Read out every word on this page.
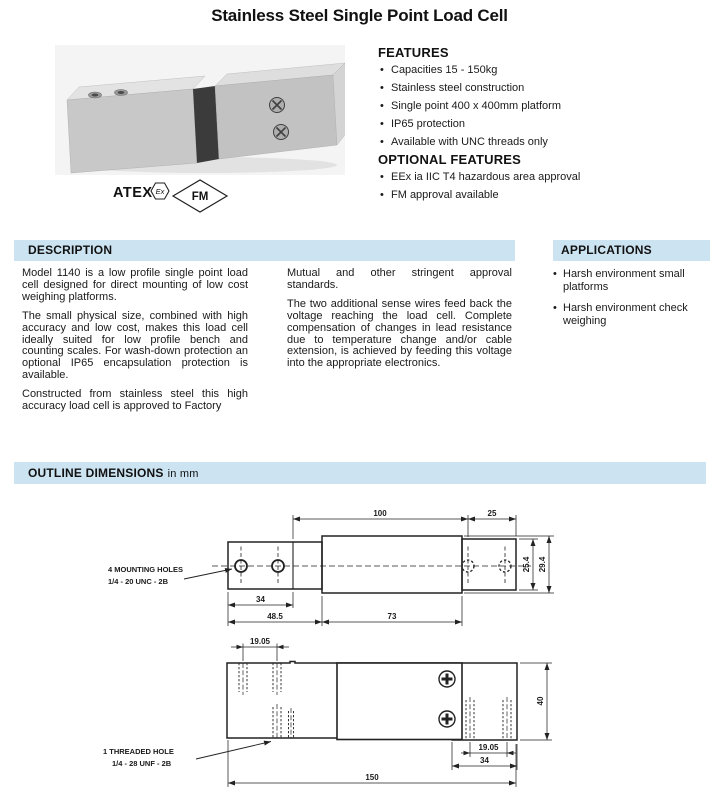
Stainless Steel Single Point Load Cell
ATEX Ex FM
FEATURES
• Capacities 15 - 150kg
• Stainless steel construction
• Single point 400 x 400mm platform
• IP65 protection
• Available with UNC threads only
OPTIONAL FEATURES
• EEx ia IIC T4 hazardous area approval
• FM approval available
DESCRIPTION	APPLICATIONS

Model 1140 is a low profile single point load cell designed for direct mounting of low cost weighing platforms.

The small physical size, combined with high accuracy and low cost, makes this load cell ideally suited for low profile bench and counting scales. For wash-down protection an optional IP65 encapsulation protection is available.

Constructed from stainless steel this high accuracy load cell is approved to Factory

Mutual and other stringent approval standards.

The two additional sense wires feed back the voltage reaching the load cell. Complete compensation of changes in lead resistance due to temperature change and/or cable extension, is achieved by feeding this voltage into the appropriate electronics.

• Harsh environment small platforms
• Harsh environment check weighing
OUTLINE DIMENSIONS in mm
100	25
25.4 29.4
34
48.5	73
4 MOUNTING HOLES
1/4 - 20 UNC - 2B
19.05
40
19.05
34
150
1 THREADED HOLE
1/4 - 28 UNF - 2B
